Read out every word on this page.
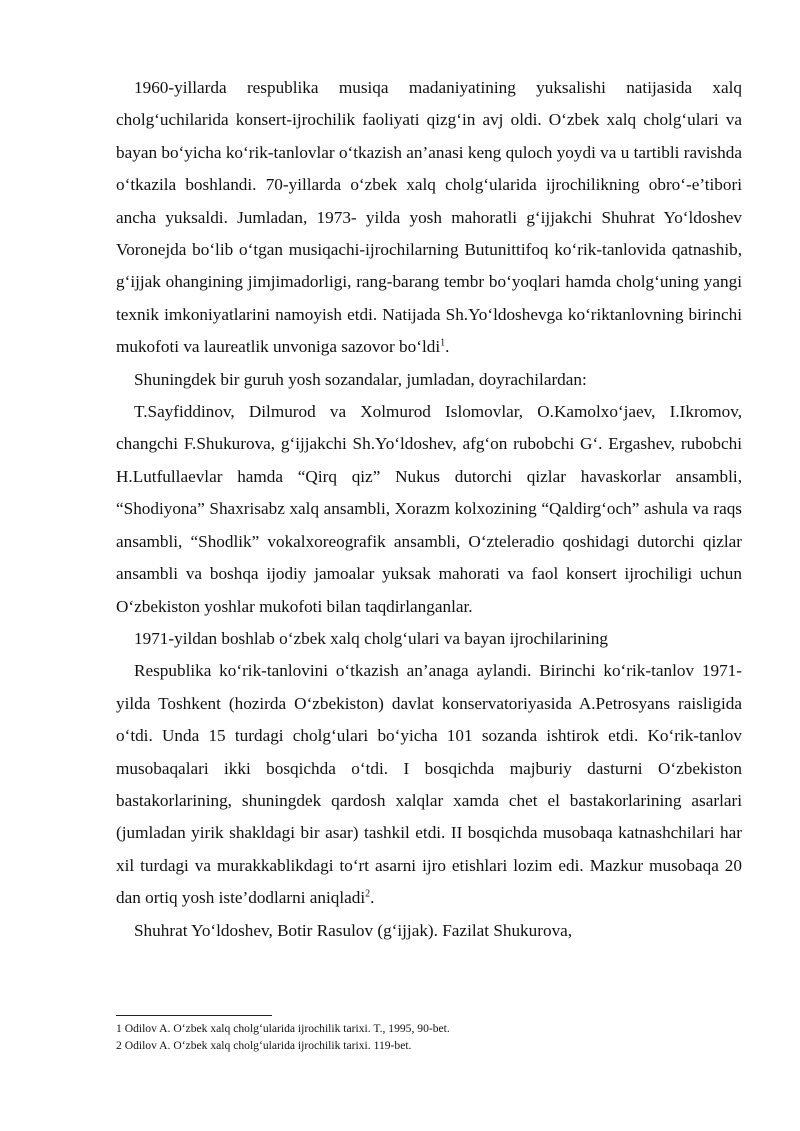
1960-yillarda respublika musiqa madaniyatining yuksalishi natijasida xalq cholg‘uchilarida konsert-ijrochilik faoliyati qizg‘in avj oldi. O‘zbek xalq cholg‘ulari va bayan bo‘yicha ko‘rik-tanlovlar o‘tkazish an’anasi keng quloch yoydi va u tartibli ravishda o‘tkazila boshlandi. 70-yillarda o‘zbek xalq cholg‘ularida ijrochilikning obro‘-e’tibori ancha yuksaldi. Jumladan, 1973- yilda yosh mahoratli g‘ijjakchi Shuhrat Yo‘ldoshev Voronejda bo‘lib o‘tgan musiqachi-ijrochilarning Butunittifoq ko‘rik-tanlovida qatnashib, g‘ijjak ohangining jimjimadorligi, rang-barang tembr bo‘yoqlari hamda cholg‘uning yangi texnik imkoniyatlarini namoyish etdi. Natijada Sh.Yo‘ldoshevga ko‘riktanlovning birinchi mukofoti va laureatlik unvoniga sazovor bo‘ldi$^1$.

Shuningdek bir guruh yosh sozandalar, jumladan, doyrachilardan:

T.Sayfiddinov, Dilmurod va Xolmurod Islomovlar, O.Kamolxo‘jaev, I.Ikromov, changchi F.Shukurova, g‘ijjakchi Sh.Yo‘ldoshev, afg‘on rubobchi G‘. Ergashev, rubobchi H.Lutfullaevlar hamda “Qirq qiz” Nukus dutorchi qizlar havaskorlar ansambli, “Shodiyona” Shaxrisabz xalq ansambli, Xorazm kolxozining “Qaldirg‘och” ashula va raqs ansambli, “Shodlik” vokalxoreografik ansambli, O‘zteleradio qoshidagi dutorchi qizlar ansambli va boshqa ijodiy jamoalar yuksak mahorati va faol konsert ijrochiligi uchun O‘zbekiston yoshlar mukofoti bilan taqdirlanganlar.

1971-yildan boshlab o‘zbek xalq cholg‘ulari va bayan ijrochilarining

Respublika ko‘rik-tanlovini o‘tkazish an’anaga aylandi. Birinchi ko‘rik-tanlov 1971-yilda Toshkent (hozirda O‘zbekiston) davlat konservatoriyasida A.Petrosyans raisligida o‘tdi. Unda 15 turdagi cholg‘ulari bo‘yicha 101 sozanda ishtirok etdi. Ko‘rik-tanlov musobaqalari ikki bosqichda o‘tdi. I bosqichda majburiy dasturni O‘zbekiston bastakorlarining, shuningdek qardosh xalqlar xamda chet el bastakorlarining asarlari (jumladan yirik shakldagi bir asar) tashkil etdi. II bosqichda musobaqa katnashchilari har xil turdagi va murakkablikdagi to‘rt asarni ijro etishlari lozim edi. Mazkur musobaqa 20 dan ortiq yosh iste’dodlarni aniqladi$^2$.

Shuhrat Yo‘ldoshev, Botir Rasulov (g‘ijjak). Fazilat Shukurova,

1 Odilov A. O‘zbek xalq cholg‘ularida ijrochilik tarixi. T., 1995, 90-bet.

2 Odilov A. O‘zbek xalq cholg‘ularida ijrochilik tarixi. 119-bet.
